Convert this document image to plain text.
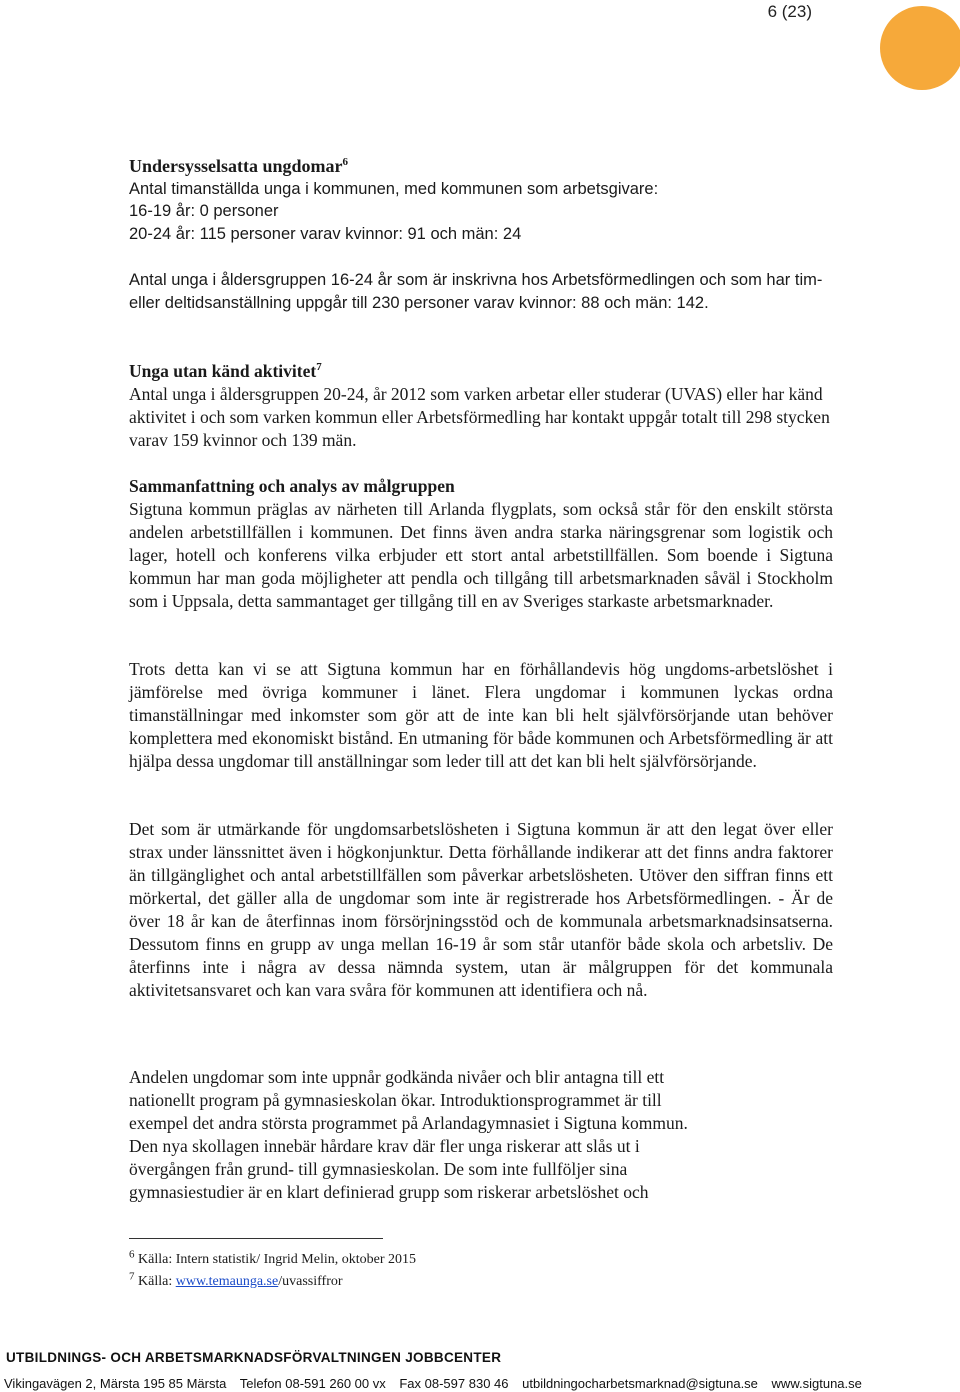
6 (23)
Undersysselsatta ungdomar$^6$
Antal timanställda unga i kommunen, med kommunen som arbetsgivare:
16-19 år: 0 personer
20-24 år: 115 personer varav kvinnor: 91 och män: 24

Antal unga i åldersgruppen 16-24 år som är inskrivna hos Arbetsförmedlingen och som har tim- eller deltidsanställning uppgår till 230 personer varav kvinnor: 88 och män: 142.

Unga utan känd aktivitet$^7$

Antal unga i åldersgruppen 20-24, år 2012 som varken arbetar eller studerar (UVAS) eller har känd aktivitet i och som varken kommun eller Arbetsförmedling har kontakt uppgår totalt till 298 stycken varav 159 kvinnor och 139 män.

Sammanfattning och analys av målgruppen

Sigtuna kommun präglas av närheten till Arlanda flygplats, som också står för den enskilt största andelen arbetstillfällen i kommunen. Det finns även andra starka näringsgrenar som logistik och lager, hotell och konferens vilka erbjuder ett stort antal arbetstillfällen. Som boende i Sigtuna kommun har man goda möjligheter att pendla och tillgång till arbetsmarknaden såväl i Stockholm som i Uppsala, detta sammantaget ger tillgång till en av Sveriges starkaste arbetsmarknader.

Trots detta kan vi se att Sigtuna kommun har en förhållandevis hög ungdoms-arbetslöshet i jämförelse med övriga kommuner i länet. Flera ungdomar i kommunen lyckas ordna timanställningar med inkomster som gör att de inte kan bli helt självförsörjande utan behöver komplettera med ekonomiskt bistånd. En utmaning för både kommunen och Arbetsförmedling är att hjälpa dessa ungdomar till anställningar som leder till att det kan bli helt självförsörjande.

Det som är utmärkande för ungdomsarbetslösheten i Sigtuna kommun är att den legat över eller strax under länssnittet även i högkonjunktur. Detta förhållande indikerar att det finns andra faktorer än tillgänglighet och antal arbetstillfällen som påverkar arbetslösheten. Utöver den siffran finns ett mörkertal, det gäller alla de ungdomar som inte är registrerade hos Arbetsförmedlingen. - Är de över 18 år kan de återfinnas inom försörjningsstöd och de kommunala arbetsmarknadsinsatserna. Dessutom finns en grupp av unga mellan 16-19 år som står utanför både skola och arbetsliv. De återfinns inte i några av dessa nämnda system, utan är målgruppen för det kommunala aktivitetsansvaret och kan vara svåra för kommunen att identifiera och nå.

Andelen ungdomar som inte uppnår godkända nivåer och blir antagna till ett
nationellt program på gymnasieskolan ökar. Introduktionsprogrammet är till
exempel det andra största programmet på Arlandagymnasiet i Sigtuna kommun.
Den nya skollagen innebär hårdare krav där fler unga riskerar att slås ut i
övergången från grund- till gymnasieskolan. De som inte fullföljer sina
gymnasiestudier är en klart definierad grupp som riskerar arbetslöshet och
$^6$ Källa: Intern statistik/ Ingrid Melin, oktober 2015
$^7$ Källa: www.temaunga.se/uvassiffror
UTBILDNINGS- OCH ARBETSMARKNADSFÖRVALTNINGEN JOBBCENTER
Vikingavägen 2, Märsta 195 85 Märsta Telefon 08-591 260 00 vx Fax 08-597 830 46 utbildningocharbetsmarknad@sigtuna.se www.sigtuna.se
